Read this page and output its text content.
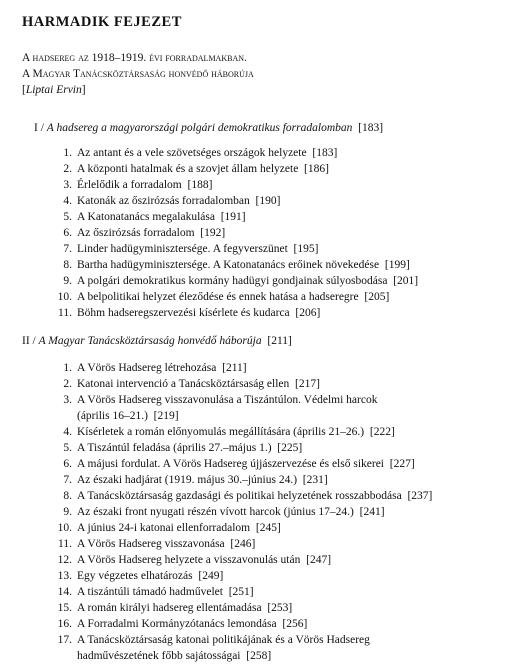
HARMADIK FEJEZET
A hadsereg az 1918–1919. évi forradalmakban.
A Magyar Tanácsköztársaság honvédő háborúja
[Liptai Ervin]
I / A hadsereg a magyarországi polgári demokratikus forradalomban [ 183 ]
1. Az antant és a vele szövetséges országok helyzete [ 183 ]
2. A központi hatalmak és a szovjet állam helyzete [ 186 ]
3. Érlelődik a forradalom [ 188 ]
4. Katonák az őszirózsás forradalomban [ 190 ]
5. A Katonatanács megalakulása [ 191 ]
6. Az őszirózsás forradalom [ 192 ]
7. Linder hadügyminisztersége. A fegyverszünet [ 195 ]
8. Bartha hadügyminisztersége. A Katonatanács erőinek növekedése [ 199 ]
9. A polgári demokratikus kormány hadügyi gondjainak súlyosbodása [ 201 ]
10. A belpolitikai helyzet éleződése és ennek hatása a hadseregre [ 205 ]
11. Böhm hadseregszervezési kísérlete és kudarca [ 206 ]
II / A Magyar Tanácsköztársaság honvédő háborúja [ 211 ]
1. A Vörös Hadsereg létrehozása [ 211 ]
2. Katonai intervenció a Tanácsköztársaság ellen [ 217 ]
3. A Vörös Hadsereg visszavonulása a Tiszántúlon. Védelmi harcok
(április 16–21.) [ 219 ]
4. Kísérletek a román előnyomulás megállítására (április 21–26.) [ 222 ]
5. A Tiszántúl feladása (április 27.–május 1.) [ 225 ]
6. A májusi fordulat. A Vörös Hadsereg újjászervezése és első sikerei [ 227 ]
7. Az északi hadjárat (1919. május 30.–június 24.) [ 231 ]
8. A Tanácsköztársaság gazdasági és politikai helyzetének rosszabbodása [ 237 ]
9. Az északi front nyugati részén vívott harcok (június 17–24.) [ 241 ]
10. A június 24-i katonai ellenforradalom [ 245 ]
11. A Vörös Hadsereg visszavonása [ 246 ]
12. A Vörös Hadsereg helyzete a visszavonulás után [ 247 ]
13. Egy végzetes elhatározás [ 249 ]
14. A tiszántúli támadó hadművelet [ 251 ]
15. A román királyi hadsereg ellentámadása [ 253 ]
16. A Forradalmi Kormányzótanács lemondása [ 256 ]
17. A Tanácsköztársaság katonai politikájának és a Vörös Hadsereg
hadművészetének főbb sajátosságai [ 258 ]
